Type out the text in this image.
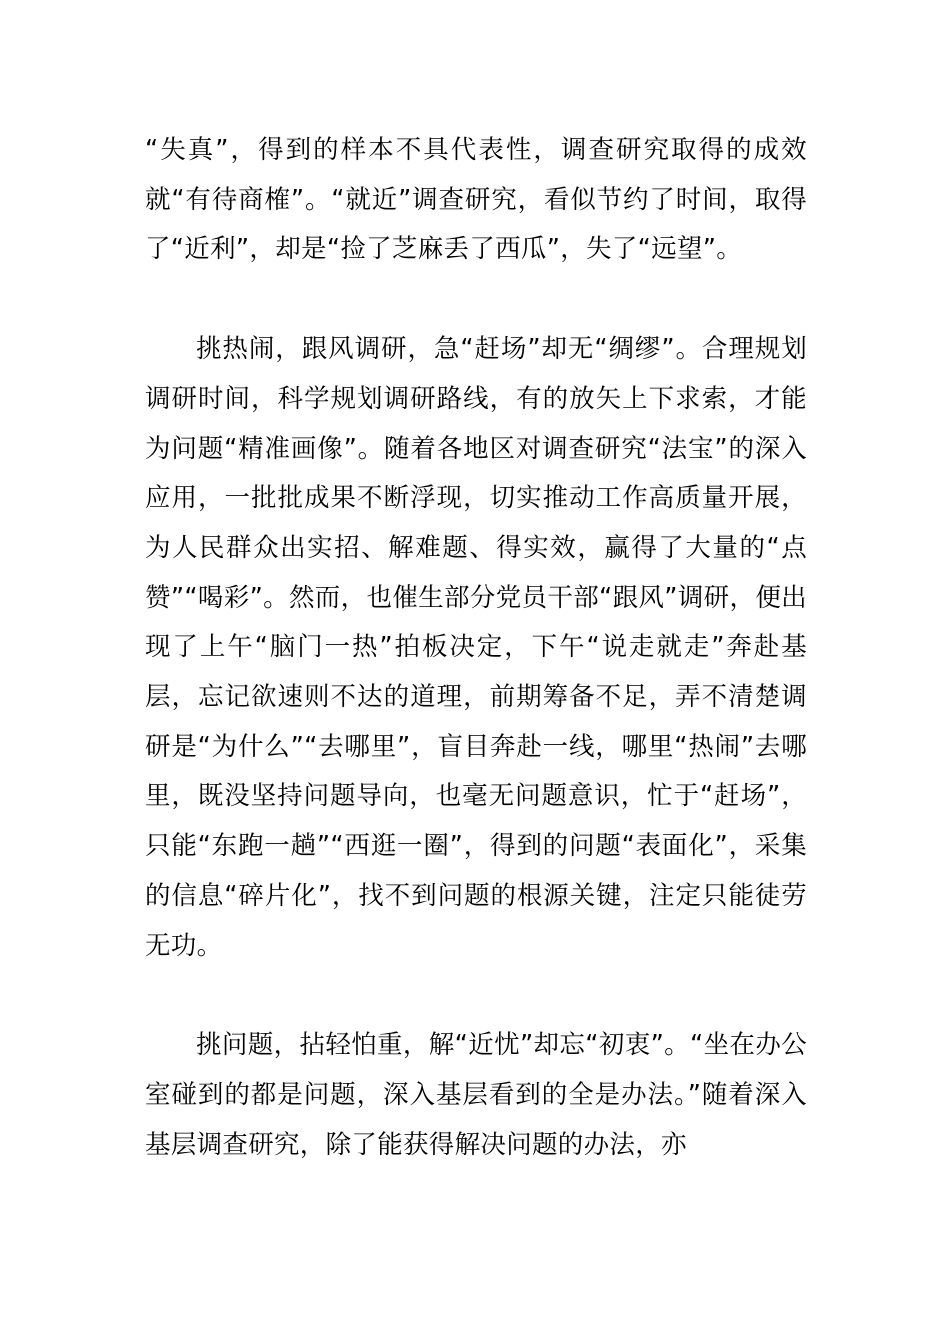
“失真”，得到的样本不具代表性，调查研究取得的成效就“有待商榷”。“就近”调查研究，看似节约了时间，取得了“近利”，却是“捡了芝麻丢了西瓜”，失了“远望”。

挑热闹，跟风调研，急“赶场”却无“绸缪”。合理规划调研时间，科学规划调研路线，有的放矢上下求索，才能为问题“精准画像”。随着各地区对调查研究“法宝”的深入应用，一批批成果不断浮现，切实推动工作高质量开展，为人民群众出实招、解难题、得实效，赢得了大量的“点赞”“喝彩”。然而，也催生部分党员干部“跟风”调研，便出现了上午“脑门一热”拍板决定，下午“说走就走”奔赴基层，忘记欲速则不达的道理，前期筹备不足，弄不清楚调研是“为什么”“去哪里”，盲目奔赴一线，哪里“热闹”去哪里，既没坚持问题导向，也毫无问题意识，忙于“赶场”，只能“东跑一趟”“西逛一圈”，得到的问题“表面化”，采集的信息“碎片化”，找不到问题的根源关键，注定只能徒劳无功。

挑问题，拈轻怕重，解“近忧”却忘“初衷”。“坐在办公室碰到的都是问题，深入基层看到的全是办法。”随着深入基层调查研究，除了能获得解决问题的办法，亦
